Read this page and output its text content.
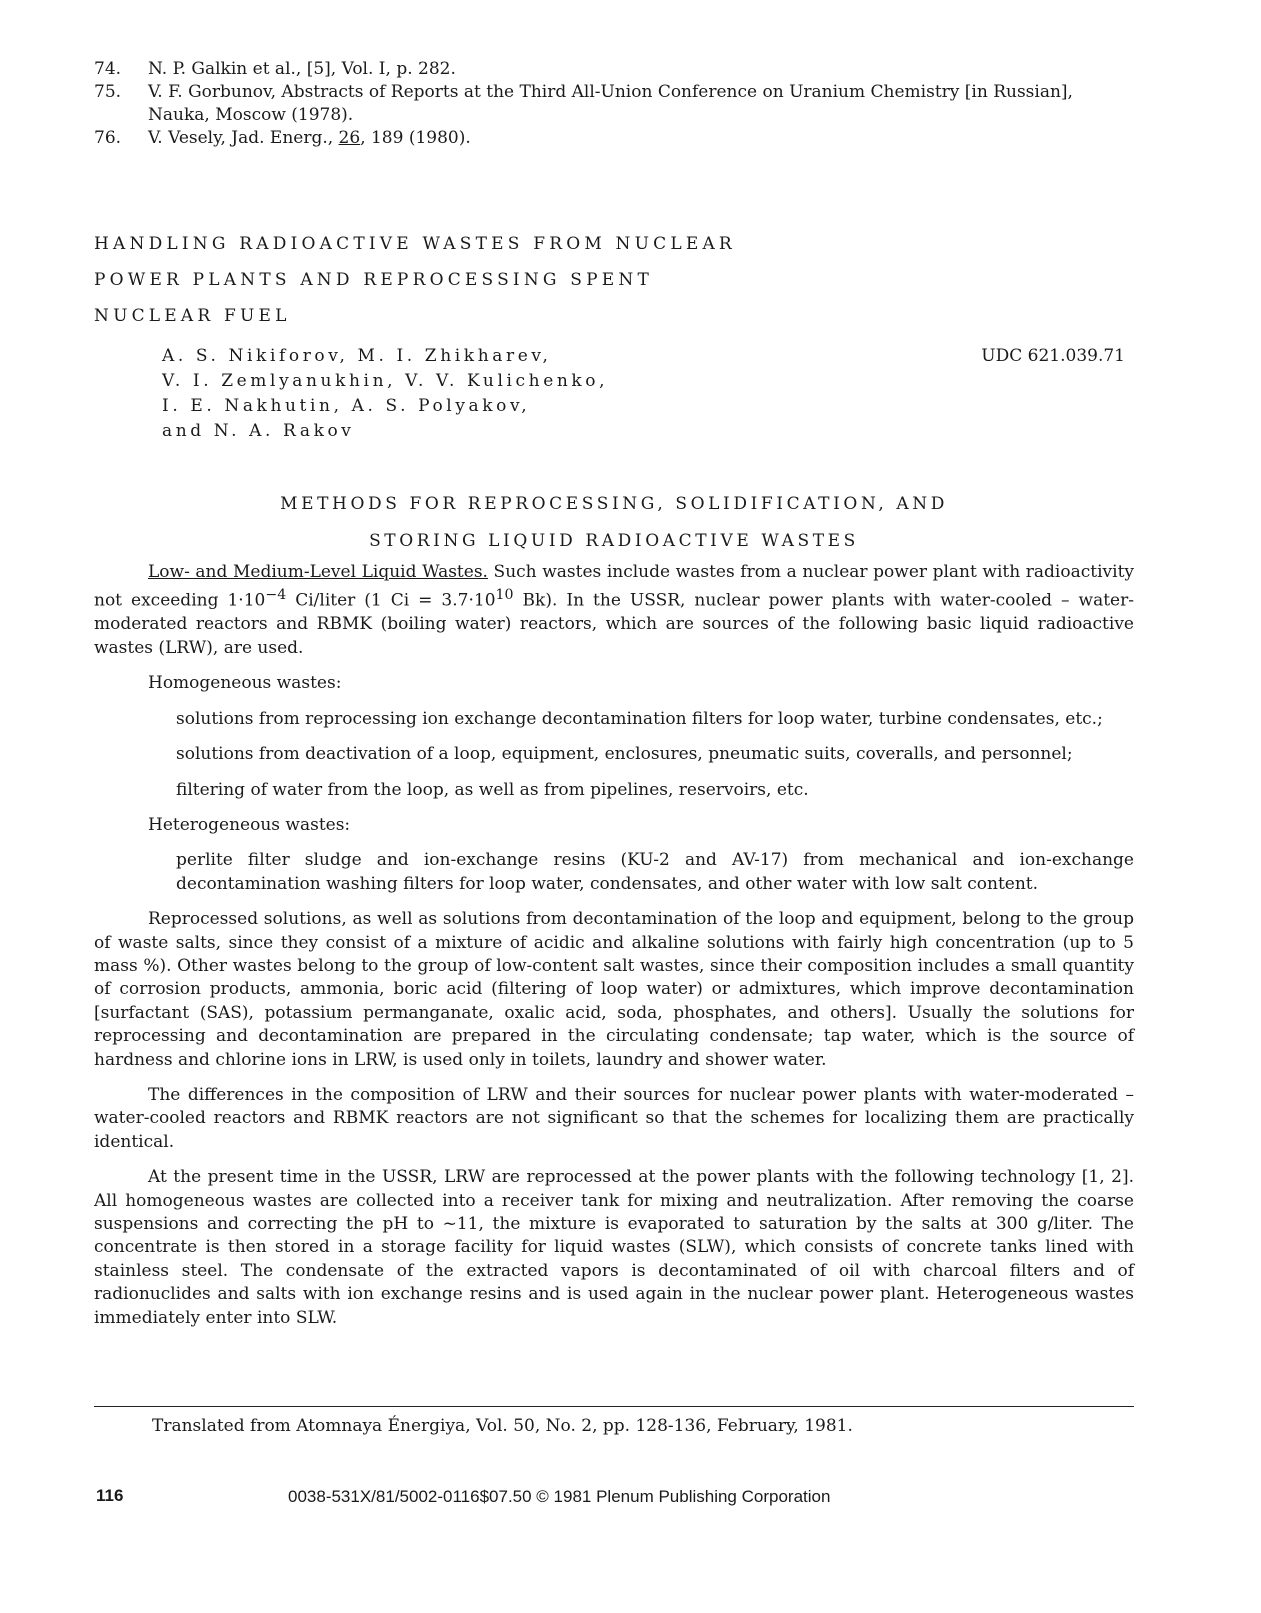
74. N. P. Galkin et al., [5], Vol. I, p. 282.
75. V. F. Gorbunov, Abstracts of Reports at the Third All-Union Conference on Uranium Chemistry [in Russian], Nauka, Moscow (1978).
76. V. Vesely, Jad. Energ., 26, 189 (1980).
HANDLING RADIOACTIVE WASTES FROM NUCLEAR
POWER PLANTS AND REPROCESSING SPENT
NUCLEAR FUEL
A. S. Nikiforov, M. I. Zhikharev,
V. I. Zemlyanukhin, V. V. Kulichenko,
I. E. Nakhutin, A. S. Polyakov,
and N. A. Rakov
UDC 621.039.71
METHODS FOR REPROCESSING, SOLIDIFICATION, AND
STORING LIQUID RADIOACTIVE WASTES

Low- and Medium-Level Liquid Wastes. Such wastes include wastes from a nuclear power plant with radioactivity not exceeding $1\cdot 10^{-4}$ Ci/liter (1 $Ci = 3.7\cdot 10^{10}$ Bk). In the USSR, nuclear power plants with water-cooled – water-moderated reactors and RBMK (boiling water) reactors, which are sources of the following basic liquid radioactive wastes (LRW), are used.

Homogeneous wastes:

solutions from reprocessing ion exchange decontamination filters for loop water, turbine condensates, etc.;

solutions from deactivation of a loop, equipment, enclosures, pneumatic suits, coveralls, and personnel;

filtering of water from the loop, as well as from pipelines, reservoirs, etc.

Heterogeneous wastes:

perlite filter sludge and ion-exchange resins (KU-2 and AV-17) from mechanical and ion-exchange decontamination washing filters for loop water, condensates, and other water with low salt content.

Reprocessed solutions, as well as solutions from decontamination of the loop and equipment, belong to the group of waste salts, since they consist of a mixture of acidic and alkaline solutions with fairly high concentration (up to 5 mass %). Other wastes belong to the group of low-content salt wastes, since their composition includes a small quantity of corrosion products, ammonia, boric acid (filtering of loop water) or admixtures, which improve decontamination [surfactant (SAS), potassium permanganate, oxalic acid, soda, phosphates, and others]. Usually the solutions for reprocessing and decontamination are prepared in the circulating condensate; tap water, which is the source of hardness and chlorine ions in LRW, is used only in toilets, laundry and shower water.

The differences in the composition of LRW and their sources for nuclear power plants with water-moderated – water-cooled reactors and RBMK reactors are not significant so that the schemes for localizing them are practically identical.

At the present time in the USSR, LRW are reprocessed at the power plants with the following technology [1, 2]. All homogeneous wastes are collected into a receiver tank for mixing and neutralization. After removing the coarse suspensions and correcting the pH to ~11, the mixture is evaporated to saturation by the salts at 300 g/liter. The concentrate is then stored in a storage facility for liquid wastes (SLW), which consists of concrete tanks lined with stainless steel. The condensate of the extracted vapors is decontaminated of oil with charcoal filters and of radionuclides and salts with ion exchange resins and is used again in the nuclear power plant. Heterogeneous wastes immediately enter into SLW.

Translated from Atomnaya Énergiya, Vol. 50, No. 2, pp. 128-136, February, 1981.
116	0038-531X/81/5002-0116$07.50 © 1981 Plenum Publishing Corporation
